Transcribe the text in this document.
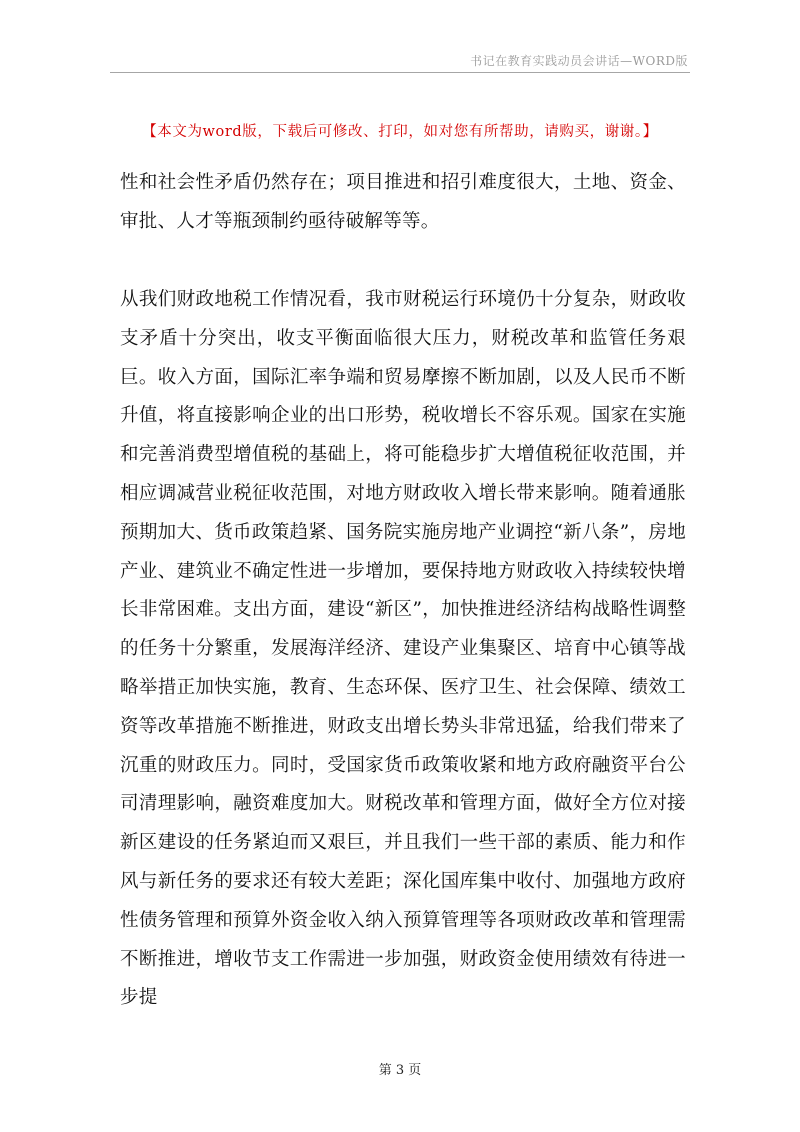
书记在教育实践动员会讲话—WORD版
【本文为word版，下载后可修改、打印，如对您有所帮助，请购买，谢谢。】
性和社会性矛盾仍然存在；项目推进和招引难度很大，土地、资金、审批、人才等瓶颈制约亟待破解等等。
从我们财政地税工作情况看，我市财税运行环境仍十分复杂，财政收支矛盾十分突出，收支平衡面临很大压力，财税改革和监管任务艰巨。收入方面，国际汇率争端和贸易摩擦不断加剧，以及人民币不断升值，将直接影响企业的出口形势，税收增长不容乐观。国家在实施和完善消费型增值税的基础上，将可能稳步扩大增值税征收范围，并相应调减营业税征收范围，对地方财政收入增长带来影响。随着通胀预期加大、货币政策趋紧、国务院实施房地产业调控“新八条”，房地产业、建筑业不确定性进一步增加，要保持地方财政收入持续较快增长非常困难。支出方面，建设“新区”，加快推进经济结构战略性调整的任务十分繁重，发展海洋经济、建设产业集聚区、培育中心镇等战略举措正加快实施，教育、生态环保、医疗卫生、社会保障、绩效工资等改革措施不断推进，财政支出增长势头非常迅猛，给我们带来了沉重的财政压力。同时，受国家货币政策收紧和地方政府融资平台公司清理影响，融资难度加大。财税改革和管理方面，做好全方位对接新区建设的任务紧迫而又艰巨，并且我们一些干部的素质、能力和作风与新任务的要求还有较大差距；深化国库集中收付、加强地方政府性债务管理和预算外资金收入纳入预算管理等各项财政改革和管理需不断推进，增收节支工作需进一步加强，财政资金使用绩效有待进一步提
第 3 页
